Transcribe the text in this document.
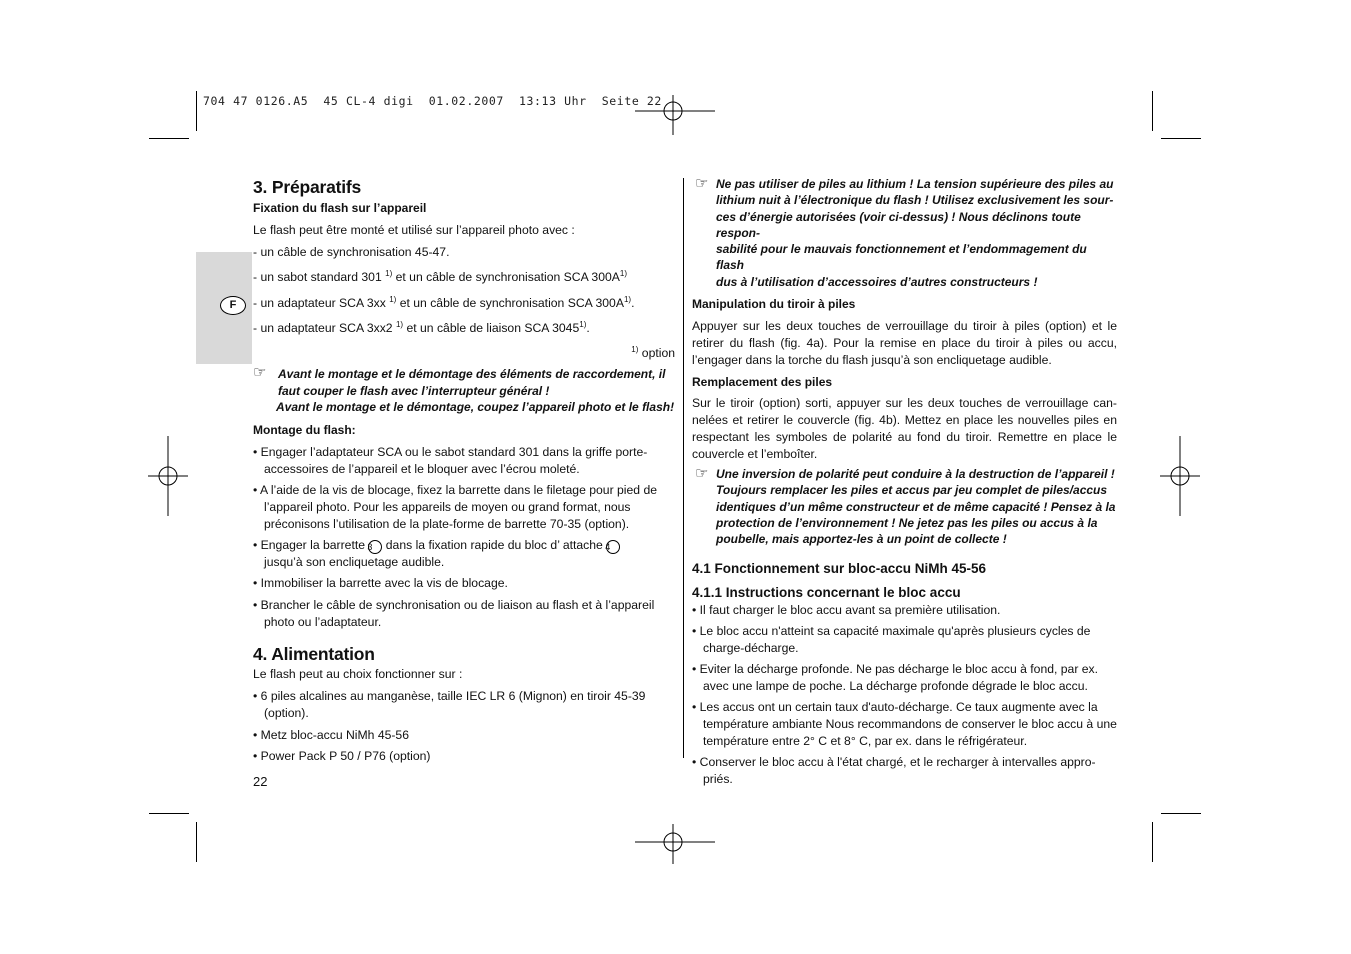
704 47 0126.A5  45 CL-4 digi  01.02.2007  13:13 Uhr  Seite 22
F

3. Préparatifs

Fixation du flash sur l’appareil

Le flash peut être monté et utilisé sur l’appareil photo avec :

- un câble de synchronisation 45-47.

- un sabot standard 301 $^{1)}$ et un câble de synchronisation SCA $300A^{1)}$

- un adaptateur SCA 3xx $^{1)}$ et un câble de synchronisation SCA $300A^{1)}$.

- un adaptateur SCA 3xx2 $^{1)}$ et un câble de liaison SCA 3045$^{1)}$.

$^{1)}$ option

☞ Avant le montage et le démontage des éléments de raccordement, il

faut couper le flash avec l’interrupteur général !

Avant le montage et le démontage, coupez l’appareil photo et le flash!

Montage du flash:

• Engager l’adaptateur SCA ou le sabot standard 301 dans la griffe porte-accessoires de l’appareil et le bloquer avec l’écrou moleté.

• A l’aide de la vis de blocage, fixez la barrette dans le filetage pour pied de l’appareil photo. Pour les appareils de moyen ou grand format, nous préconisons l’utilisation de la plate-forme de barrette 70-35 (option).

• Engager la barrette 3 dans la fixation rapide du bloc d’ attache 4
jusqu’à son encliquetage audible.

• Immobiliser la barrette avec la vis de blocage.

• Brancher le câble de synchronisation ou de liaison au flash et à l’appareil photo ou l’adaptateur.

4. Alimentation

Le flash peut au choix fonctionner sur :

• 6 piles alcalines au manganèse, taille IEC LR 6 (Mignon) en tiroir 45-39 (option).

• Metz bloc-accu NiMh 45-56

• Power Pack P 50 / P76 (option)

22

☞ Ne pas utiliser de piles au lithium ! La tension supérieure des piles au

lithium nuit à l’électronique du flash ! Utilisez exclusivement les sour-

ces d’énergie autorisées (voir ci-dessus) ! Nous déclinons toute respon-

sabilité pour le mauvais fonctionnement et l’endommagement du flash

dus à l’utilisation d’accessoires d’autres constructeurs !

Manipulation du tiroir à piles

Appuyer sur les deux touches de verrouillage du tiroir à piles (option) et le retirer du flash (fig. 4a). Pour la remise en place du tiroir à piles ou accu, l’engager dans la torche du flash jusqu’à son encliquetage audible.

Remplacement des piles

Sur le tiroir (option) sorti, appuyer sur les deux touches de verrouillage can-nelées et retirer le couvercle (fig. 4b). Mettez en place les nouvelles piles en respectant les symboles de polarité au fond du tiroir. Remettre en place le couvercle et l’emboîter.

☞ Une inversion de polarité peut conduire à la destruction de l’appareil !

Toujours remplacer les piles et accus par jeu complet de piles/accus

identiques d’un même constructeur et de même capacité ! Pensez à la

protection de l’environnement ! Ne jetez pas les piles ou accus à la

poubelle, mais apportez-les à un point de collecte !

4.1 Fonctionnement sur bloc-accu NiMh 45-56

4.1.1 Instructions concernant le bloc accu

• Il faut charger le bloc accu avant sa première utilisation.

• Le bloc accu n'atteint sa capacité maximale qu'après plusieurs cycles de charge-décharge.

• Eviter la décharge profonde. Ne pas décharge le bloc accu à fond, par ex. avec une lampe de poche. La décharge profonde dégrade le bloc accu.

• Les accus ont un certain taux d'auto-décharge. Ce taux augmente avec la température ambiante Nous recommandons de conserver le bloc accu à une température entre 2° C et 8° C, par ex. dans le réfrigérateur.

• Conserver le bloc accu à l'état chargé, et le recharger à intervalles appro-priés.
